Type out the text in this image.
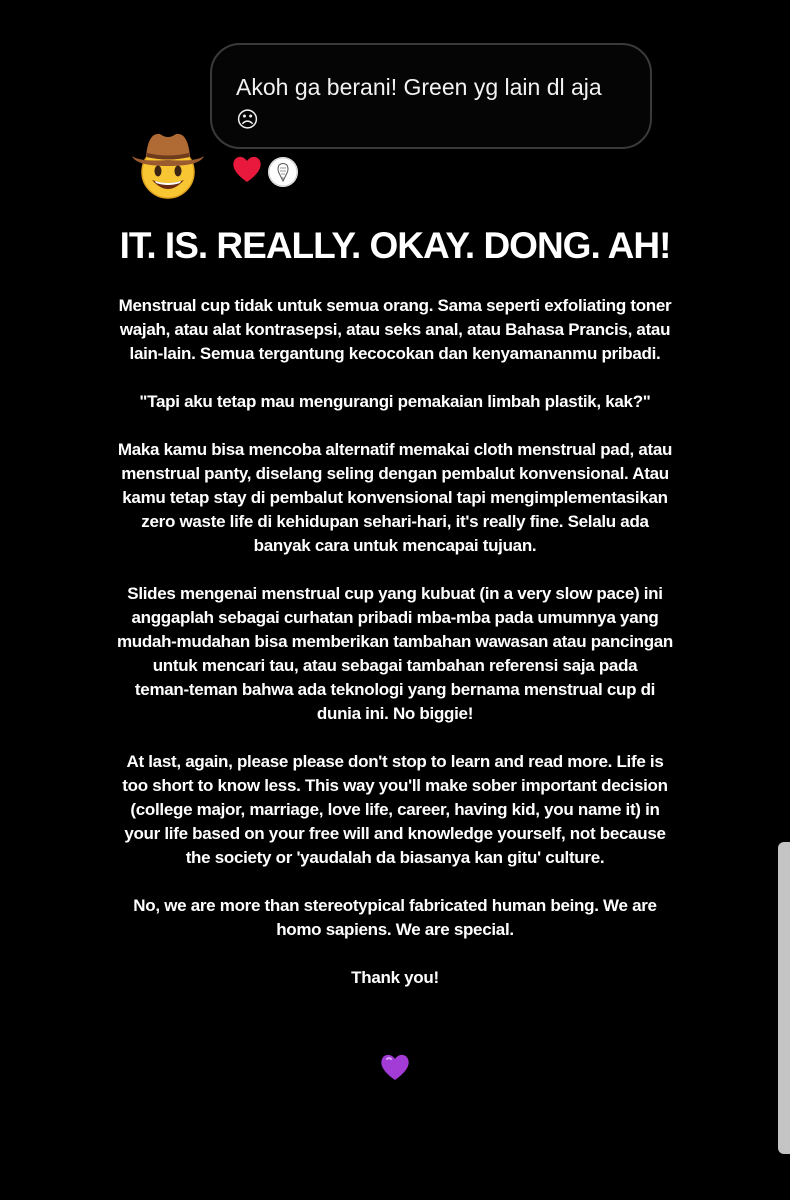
Akoh ga berani! Green yg lain dl aja ☹
IT. IS. REALLY. OKAY. DONG. AH!

Menstrual cup tidak untuk semua orang. Sama seperti exfoliating toner
wajah, atau alat kontrasepsi, atau seks anal, atau Bahasa Prancis, atau
lain-lain. Semua tergantung kecocokan dan kenyamananmu pribadi.

"Tapi aku tetap mau mengurangi pemakaian limbah plastik, kak?"

Maka kamu bisa mencoba alternatif memakai cloth menstrual pad, atau
menstrual panty, diselang seling dengan pembalut konvensional. Atau
kamu tetap stay di pembalut konvensional tapi mengimplementasikan
zero waste life di kehidupan sehari-hari, it's really fine. Selalu ada
banyak cara untuk mencapai tujuan.

Slides mengenai menstrual cup yang kubuat (in a very slow pace) ini
anggaplah sebagai curhatan pribadi mba-mba pada umumnya yang
mudah-mudahan bisa memberikan tambahan wawasan atau pancingan
untuk mencari tau, atau sebagai tambahan referensi saja pada
teman-teman bahwa ada teknologi yang bernama menstrual cup di
dunia ini. No biggie!

At last, again, please please don't stop to learn and read more. Life is
too short to know less. This way you'll make sober important decision
(college major, marriage, love life, career, having kid, you name it) in
your life based on your free will and knowledge yourself, not because
the society or 'yaudalah da biasanya kan gitu' culture.

No, we are more than stereotypical fabricated human being. We are
homo sapiens. We are special.

Thank you!
